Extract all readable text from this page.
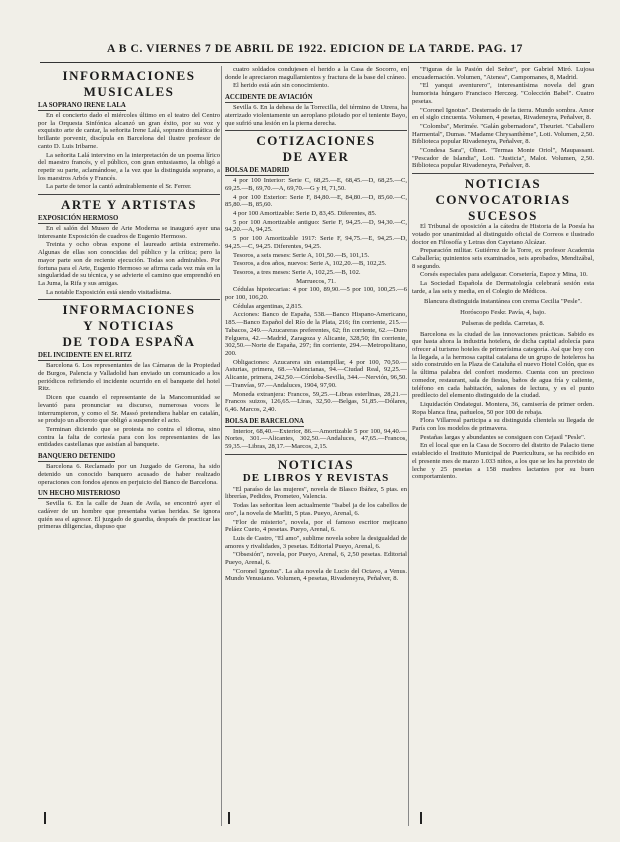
A B C. VIERNES 7 DE ABRIL DE 1922. EDICION DE LA TARDE. PAG. 17
INFORMACIONES
MUSICALES
LA SOPRANO IRENE LALA

En el concierto dado el miércoles último en el teatro del Centro por la Orquesta Sinfónica alcanzó un gran éxito, por su voz y exquisito arte de cantar, la señorita Irene Lalá, soprano dramática de brillante porvenir, discípula en Barcelona del ilustre profesor de canto D. Luis Iribarne.

La señorita Lalá intervino en la interpretación de un poema lírico del maestro francés, y el público, con gran entusiasmo, la obligó a repetir su parte, aclamándose, a la vez que la distinguida soprano, a los maestros Arbós y Francés.

La parte de tenor la cantó admirablemente el Sr. Ferrer.

ARTE Y ARTISTAS
EXPOSICIÓN HERMOSO

En el salón del Museo de Arte Moderna se inauguró ayer una interesante Exposición de cuadros de Eugenio Hermoso.

Treinta y ocho obras expone el laureado artista extremeño. Algunas de ellas son conocidas del público y la crítica; pero la mayor parte son de reciente ejecución. Todas son admirables. Por fortuna para el Arte, Eugenio Hermoso se afirma cada vez más en la singularidad de su técnica, y se advierte el camino que emprendió en La Juma, la Rifa y sus amigas.

La notable Exposición está siendo visitadísima.

INFORMACIONES
Y NOTICIAS
DE TODA ESPAÑA
DEL INCIDENTE EN EL RITZ

Barcelona 6. Los representantes de las Cámaras de la Propiedad de Burgos, Palencia y Valladolid han enviado un comunicado a los periódicos refiriendo el incidente ocurrido en el banquete del hotel Ritz.

Dicen que cuando el representante de la Mancomunidad se levantó para pronunciar su discurso, numerosas voces le interrumpieron, y como el Sr. Massó pretendiera hablar en catalán, se produjo un alboroto que obligó a suspender el acto.

Terminan diciendo que se protesta no contra el idioma, sino contra la falta de cortesía para con los representantes de las entidades castellanas que asistían al banquete.

BANQUERO DETENIDO

Barcelona 6. Reclamado por un Juzgado de Gerona, ha sido detenido un conocido banquero acusado de haber realizado operaciones con fondos ajenos en perjuicio del Banco de Barcelona.

UN HECHO MISTERIOSO

Sevilla 6. En la calle de Juan de Avila, se encontró ayer el cadáver de un hombre que presentaba varias heridas. Se ignora quién sea el agresor. El juzgado de guardia, después de practicar las primeras diligencias, dispuso que

cuatro soldados condujesen el herido a la Casa de Socorro, en donde le apreciaron magullamientos y fractura de la base del cráneo.

El herido está aún sin conocimiento.

ACCIDENTE DE AVIACIÓN

Sevilla 6. En la dehesa de la Torrecilla, del término de Utrera, ha aterrizado violentamente un aeroplano pilotado por el teniente Bayo, que sufrió una lesión en la pierna derecha.

COTIZACIONES
DE AYER
BOLSA DE MADRID

4 por 100 Interior: Serie C, 68,25.—E, 68,45.—D, 68,25.—C, 69,25.—B, 69,70.—A, 69,70.—G y H, 71,50.

4 por 100 Exterior: Serie F, 84,80.—E, 84,80.—D, 85,60.—C, 85,80.—B, 85,60.

4 por 100 Amortizable: Serie D, 83,45. Diferentes, 85.

5 por 100 Amortizable antiguo: Serie F, 94,25.—D, 94,30.—C, 94,20.—A, 94,25.

5 por 100 Amortizable 1917: Serie F, 94,75.—E, 94,25.—D, 94,25.—C, 94,25. Diferentes, 94,25.

Tesoros, a seis meses: Serie A, 101,50.—B, 101,15.

Tesoros, a dos años, nuevos: Serie A, 102,20.—B, 102,25.

Tesoros, a tres meses: Serie A, 102,25.—B, 102.

Marruecos, 71.

Cédulas hipotecarias: 4 por 100, 89,90.—5 por 100, 100,25.—6 por 100, 106,20.

Cédulas argentinas, 2,815.

Acciones: Banco de España, 538.—Banco Hispano-Americano, 185.—Banco Español del Río de la Plata, 216; fin corriente, 215.—Tabacos, 249.—Azucareras preferentes, 62; fin corriente, 62.—Duro Felguera, 42.—Madrid, Zaragoza y Alicante, 328,50; fin corriente, 302,50.—Norte de España, 297; fin corriente, 294.—Metropolitano, 200.

Obligaciones: Azucarera sin estampillar, 4 por 100, 70,50.—Asturias, primera, 68.—Valencianas, 94.—Ciudad Real, 92,25.—Alicante, primera, 242,50.—Córdoba-Sevilla, 344.—Nervión, 96,50.—Tranvías, 97.—Andaluces, 1904, 97,90.

Moneda extranjera: Francos, 59,25.—Libras esterlinas, 28,21.—Francos suizos, 126,65.—Liras, 32,50.—Belgas, 51,85.—Dólares, 6,46. Marcos, 2,40.

BOLSA DE BARCELONA

Interior, 68,40.—Exterior, 86.—Amortizable 5 por 100, 94,40.—Nortes, 301.—Alicantes, 302,50.—Andaluces, 47,65.—Francos, 59,35.—Libras, 28,17.—Marcos, 2,15.

NOTICIAS
DE LIBROS Y REVISTAS

"El paraíso de las mujeres", novela de Blasco Ibáñez, 5 ptas. en librerías, Pedidos, Prometeo, Valencia.

Todas las señoritas leen actualmente "Isabel ja de los cabellos de oro", la novela de Marlitt, 5 ptas. Pueyo, Arenal, 6.

"Flor de misterio", novela, por el famoso escritor mejicano Peláez Cueto, 4 pesetas. Pueyo, Arenal, 6.

Luis de Castro, "El amo", sublime novela sobre la desigualdad de amores y rivalidades, 3 pesetas. Editorial Pueyo, Arenal, 6.

"Obsesión", novela, por Pueyo, Arenal, 6, 2,50 pesetas. Editorial Pueyo, Arenal, 6.

"Coronel Ignotus". La alta novela de Lucio del Octavo, a Venus. Mundo Venusiano. Volumen, 4 pesetas, Rivadeneyra, Peñalver, 8.

"Figuras de la Pasión del Señor", por Gabriel Miró. Lujosa encuadernación. Volumen, "Atenea", Campomanes, 8, Madrid.

"El yanqui aventurero", interesantísima novela del gran humorista húngaro Francisco Herczeg. "Colección Babel". Cuatro pesetas.

"Coronel Ignotus". Desterrado de la tierra. Mundo sombra. Amor en el siglo cincuenta. Volumen, 4 pesetas, Rivadeneyra, Peñalver, 8.

"Colomba", Merimée. "Galán gobernadora", Theuriet. "Caballero Harmental", Dumas. "Madame Chrysanthème", Loti. Volumen, 2,50. Biblioteca popular Rivadeneyra, Peñalver, 8.

"Condesa Sara", Ohnet. "Termas Monte Oriol", Maupassant. "Pescador de Islandia", Loti. "Justicia", Malot. Volumen, 2,50. Biblioteca popular Rivadeneyra, Peñalver, 8.

NOTICIAS
CONVOCATORIAS
SUCESOS

El Tribunal de oposición a la cátedra de Historia de la Poesía ha votado por unanimidad al distinguido oficial de Correos e ilustrado doctor en Filosofía y Letras don Cayetano Alcázar.

Preparación militar. Gutiérrez de la Torre, ex profesor Academia Caballería; quinientos seis examinados, seis aprobados, Mendizábal, 8 segundo.

Corsés especiales para adelgazar. Corsetería, Espoz y Mina, 10.

La Sociedad Española de Dermatología celebrará sesión esta tarde, a las seis y media, en el Colegio de Médicos.

Blancura distinguida instantánea con crema Cecilia "Pesle".

Horóscopo Feskr. Pavía, 4, bajo.

Pulseras de pedida. Carretas, 8.

Barcelona es la ciudad de las innovaciones prácticas. Sabido es que hasta ahora la industria hotelera, de dicha capital adolecía para ofrecer al turismo hoteles de primerísima categoría. Así que hoy con la llegada, a la hermosa capital catalana de un grupo de hoteleros ha sido construido en la Plaza de Cataluña el nuevo Hotel Colón, que es la última palabra del confort moderno. Cuenta con un precioso comedor, restaurant, sala de fiestas, baños de agua fría y caliente, teléfono en cada habitación, salones de lectura, y es el punto predilecto del elemento distinguido de la ciudad.

Liquidación Ondategui. Montera, 36, camisería de primer orden. Ropa blanca fina, pañuelos, 50 por 100 de rebaja.

Flora Villarreal participa a su distinguida clientela su llegada de París con los modelos de primavera.

Pestañas largas y abundantes se consiguen con Cejasil "Pesle".

En el local que en la Casa de Socorro del distrito de Palacio tiene establecido el Instituto Municipal de Puericultura, se ha recibido en el presente mes de marzo 1.033 niños, a los que se les ha provisto de leche y 25 pesetas a 158 madres lactantes por su buen comportamiento.
